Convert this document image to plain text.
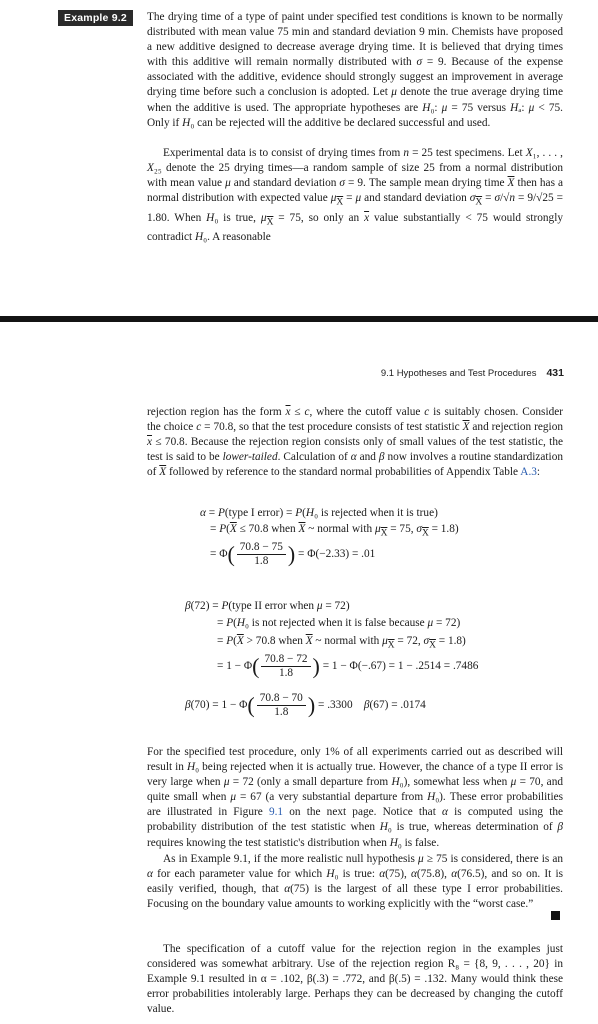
Example 9.2	The drying time of a type of paint under specified test conditions is known to be normally distributed with mean value 75 min and standard deviation 9 min. Chemists have proposed a new additive designed to decrease average drying time. It is believed that drying times with this additive will remain normally distributed with σ = 9. Because of the expense associated with the additive, evidence should strongly suggest an improvement in average drying time before such a conclusion is adopted. Let μ denote the true average drying time when the additive is used. The appropriate hypotheses are H₀: μ = 75 versus Hₐ: μ < 75. Only if H₀ can be rejected will the additive be declared successful and used.

Experimental data is to consist of drying times from n = 25 test specimens. Let X₁, . . . , X₂₅ denote the 25 drying times—a random sample of size 25 from a normal distribution with mean value μ and standard deviation σ = 9. The sample mean drying time $\overline{X}$ then has a normal distribution with expected value $\mu_{\overline{X}} = \mu$ and standard deviation $\sigma_{\overline{X}} = \sigma/√n = 9/√25 = 1.80$. When H₀ is true, $\mu_{\overline{X}} = 75$, so only an $\overline{x}$ value substantially < 75 would strongly contradict H₀. A reasonable

9.1 Hypotheses and Test Procedures 431

rejection region has the form $\overline{x} \le c$, where the cutoff value c is suitably chosen. Consider the choice c = 70.8, so that the test procedure consists of test statistic $\overline{X}$ and rejection region $\overline{x} \le 70.8$. Because the rejection region consists only of small values of the test statistic, the test is said to be lower-tailed. Calculation of α and β now involves a routine standardization of $\overline{X}$ followed by reference to the standard normal probabilities of Appendix Table A.3:

α = P(type I error) = P(H₀ is rejected when it is true)
= $P(\overline{X} \le 70.8$ when $\overline{X}$ ~ normal with $\mu_{\overline{X}} = 75$, $\sigma_{\overline{X}} = 1.8$)
= $\Phi( \frac{70.8 - 75}{1.8}$ ) = Φ(−2.33) = .01
β(72) = P(type II error when μ = 72)
= P(H₀ is not rejected when it is false because μ = 72)
= $P(\overline{X} > 70.8$ when $\overline{X}$ ~ normal with $\mu_{\overline{X}} = 72$, $\sigma_{\overline{X}} = 1.8$)
= $1 - \Phi( \frac{70.8 - 72}{1.8}$ ) = 1 − Φ(−.67) = 1 − .2514 = .7486
$\beta(70) = 1 - \Phi( \frac{70.8 - 70}{1.8}$ ) = .3300    β(67) = .0174

For the specified test procedure, only 1% of all experiments carried out as described will result in H₀ being rejected when it is actually true. However, the chance of a type II error is very large when μ = 72 (only a small departure from H₀), somewhat less when μ = 70, and quite small when μ = 67 (a very substantial departure from H₀). These error probabilities are illustrated in Figure 9.1 on the next page. Notice that α is computed using the probability distribution of the test statistic when H₀ is true, whereas determination of β requires knowing the test statistic's distribution when H₀ is false.

As in Example 9.1, if the more realistic null hypothesis μ ≥ 75 is considered, there is an α for each parameter value for which H₀ is true: α(75), α(75.8), α(76.5), and so on. It is easily verified, though, that α(75) is the largest of all these type I error probabilities. Focusing on the boundary value amounts to working explicitly with the “worst case.”

The specification of a cutoff value for the rejection region in the examples just considered was somewhat arbitrary. Use of the rejection region R₈ = {8, 9, . . . , 20} in Example 9.1 resulted in α = .102, β(.3) = .772, and β(.5) = .132. Many would think these error probabilities intolerably large. Perhaps they can be decreased by changing the cutoff value.
